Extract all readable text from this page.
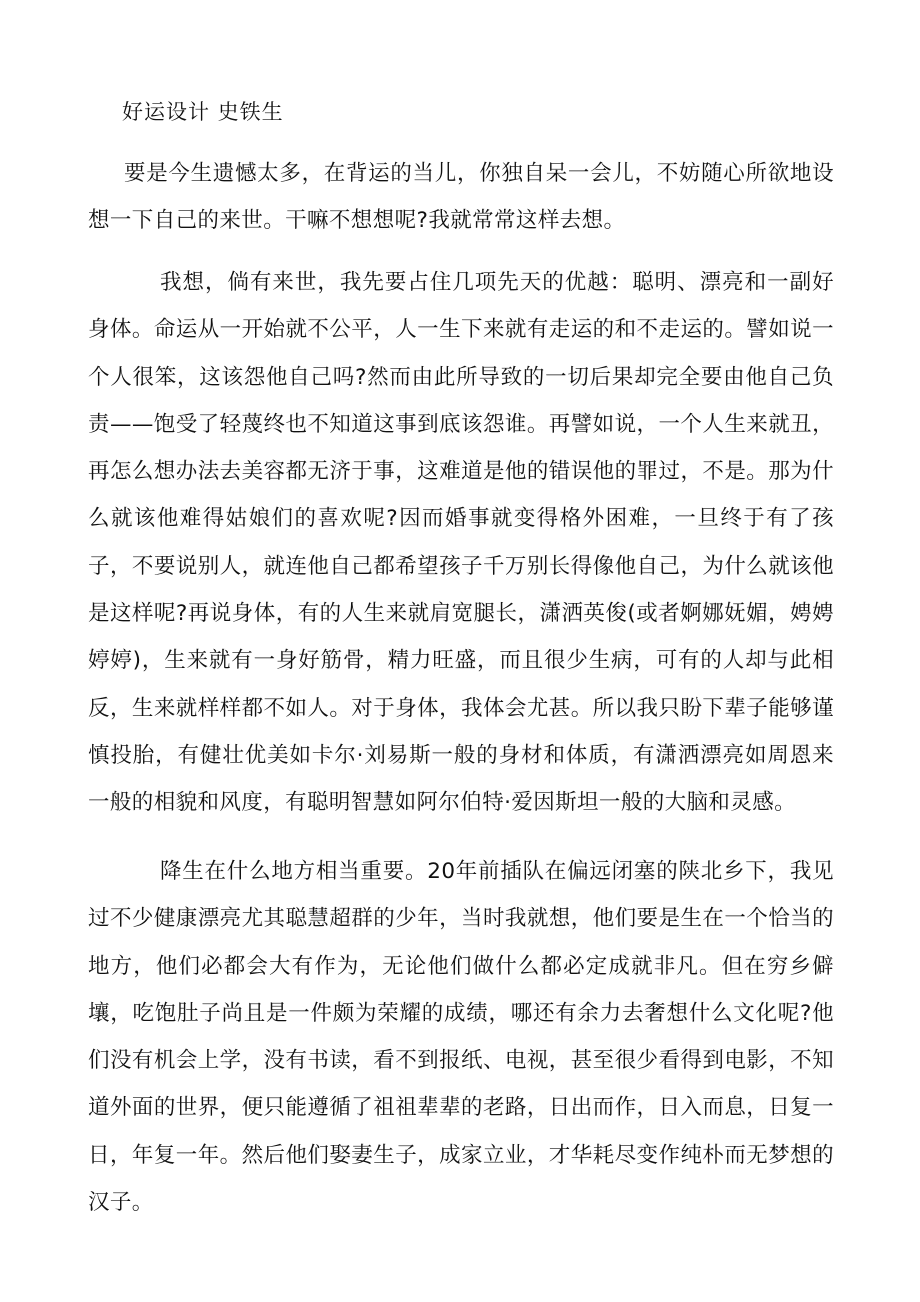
好运设计 史铁生

要是今生遗憾太多，在背运的当儿，你独自呆一会儿，不妨随心所欲地设想一下自己的来世。干嘛不想想呢?我就常常这样去想。

我想，倘有来世，我先要占住几项先天的优越：聪明、漂亮和一副好身体。命运从一开始就不公平，人一生下来就有走运的和不走运的。譬如说一个人很笨，这该怨他自己吗?然而由此所导致的一切后果却完全要由他自己负责——饱受了轻蔑终也不知道这事到底该怨谁。再譬如说，一个人生来就丑，再怎么想办法去美容都无济于事，这难道是他的错误他的罪过，不是。那为什么就该他难得姑娘们的喜欢呢?因而婚事就变得格外困难，一旦终于有了孩子，不要说别人，就连他自己都希望孩子千万别长得像他自己，为什么就该他是这样呢?再说身体，有的人生来就肩宽腿长，潇洒英俊(或者婀娜妩媚，娉娉婷婷)，生来就有一身好筋骨，精力旺盛，而且很少生病，可有的人却与此相反，生来就样样都不如人。对于身体，我体会尤甚。所以我只盼下辈子能够谨慎投胎，有健壮优美如卡尔·刘易斯一般的身材和体质，有潇洒漂亮如周恩来一般的相貌和风度，有聪明智慧如阿尔伯特·爱因斯坦一般的大脑和灵感。

降生在什么地方相当重要。20年前插队在偏远闭塞的陕北乡下，我见过不少健康漂亮尤其聪慧超群的少年，当时我就想，他们要是生在一个恰当的地方，他们必都会大有作为，无论他们做什么都必定成就非凡。但在穷乡僻壤，吃饱肚子尚且是一件颇为荣耀的成绩，哪还有余力去奢想什么文化呢?他们没有机会上学，没有书读，看不到报纸、电视，甚至很少看得到电影，不知道外面的世界，便只能遵循了祖祖辈辈的老路，日出而作，日入而息，日复一日，年复一年。然后他们娶妻生子，成家立业，才华耗尽变作纯朴而无梦想的汉子。
